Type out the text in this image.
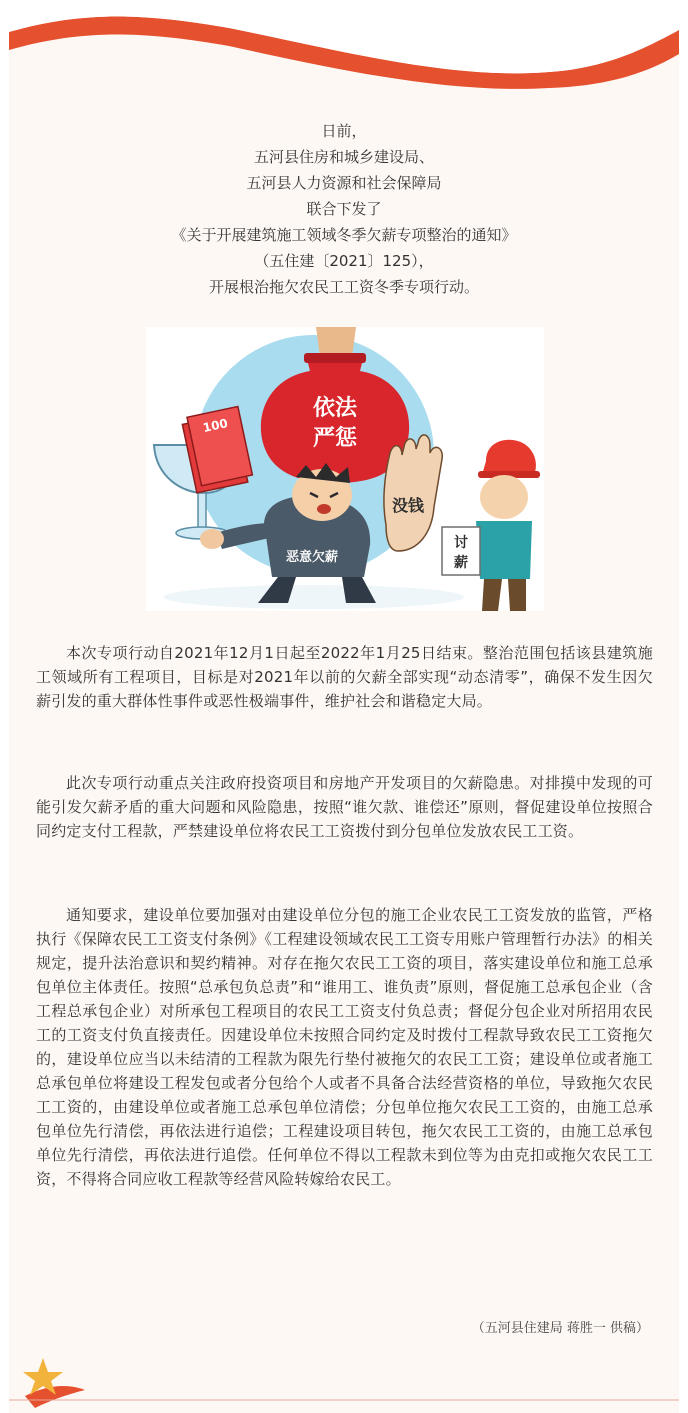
日前，
五河县住房和城乡建设局、
五河县人力资源和社会保障局
联合下发了
《关于开展建筑施工领域冬季欠薪专项整治的通知》
（五住建〔2021〕125），
开展根治拖欠农民工工资冬季专项行动。
依法
严惩
100
恶意欠薪
没钱
讨
薪

本次专项行动自2021年12月1日起至2022年1月25日结束。整治范围包括该县建筑施工领域所有工程项目，目标是对2021年以前的欠薪全部实现“动态清零”，确保不发生因欠薪引发的重大群体性事件或恶性极端事件，维护社会和谐稳定大局。

此次专项行动重点关注政府投资项目和房地产开发项目的欠薪隐患。对排摸中发现的可能引发欠薪矛盾的重大问题和风险隐患，按照“谁欠款、谁偿还”原则，督促建设单位按照合同约定支付工程款，严禁建设单位将农民工工资拨付到分包单位发放农民工工资。

通知要求，建设单位要加强对由建设单位分包的施工企业农民工工资发放的监管，严格执行《保障农民工工资支付条例》《工程建设领域农民工工资专用账户管理暂行办法》的相关规定，提升法治意识和契约精神。对存在拖欠农民工工资的项目，落实建设单位和施工总承包单位主体责任。按照“总承包负总责”和“谁用工、谁负责”原则，督促施工总承包企业（含工程总承包企业）对所承包工程项目的农民工工资支付负总责；督促分包企业对所招用农民工的工资支付负直接责任。因建设单位未按照合同约定及时拨付工程款导致农民工工资拖欠的，建设单位应当以未结清的工程款为限先行垫付被拖欠的农民工工资；建设单位或者施工总承包单位将建设工程发包或者分包给个人或者不具备合法经营资格的单位，导致拖欠农民工工资的，由建设单位或者施工总承包单位清偿；分包单位拖欠农民工工资的，由施工总承包单位先行清偿，再依法进行追偿；工程建设项目转包，拖欠农民工工资的，由施工总承包单位先行清偿，再依法进行追偿。任何单位不得以工程款未到位等为由克扣或拖欠农民工工资，不得将合同应收工程款等经营风险转嫁给农民工。

（五河县住建局 蒋胜一 供稿）
